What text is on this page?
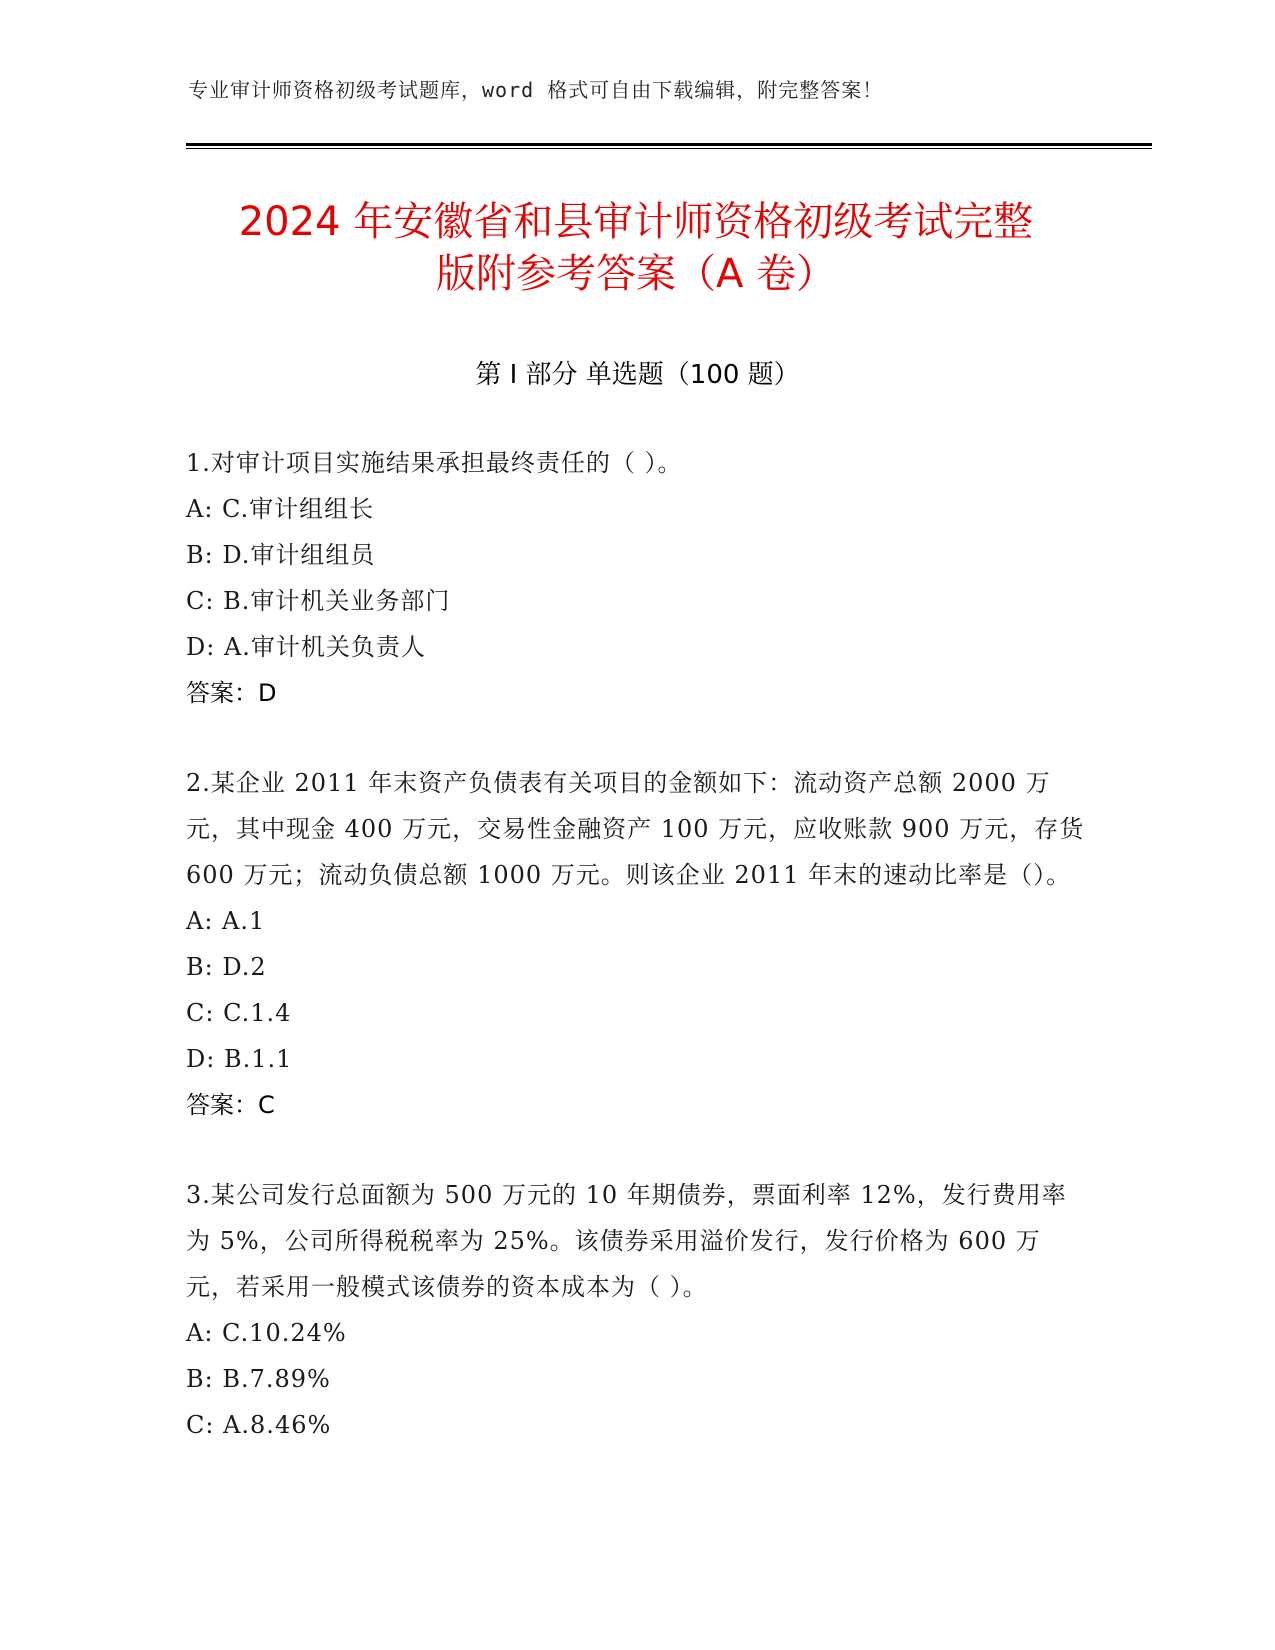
专业审计师资格初级考试题库，word 格式可自由下载编辑，附完整答案！
2024 年安徽省和县审计师资格初级考试完整
版附参考答案（A 卷）
第 I 部分 单选题（100 题）
1.对审计项目实施结果承担最终责任的（ ）。
A: C.审计组组长
B: D.审计组组员
C: B.审计机关业务部门
D: A.审计机关负责人
答案：D
2.某企业 2011 年末资产负债表有关项目的金额如下：流动资产总额 2000 万元，其中现金 400 万元，交易性金融资产 100 万元，应收账款 900 万元，存货 600 万元；流动负债总额 1000 万元。则该企业 2011 年末的速动比率是（）。
A: A.1
B: D.2
C: C.1.4
D: B.1.1
答案：C
3.某公司发行总面额为 500 万元的 10 年期债券，票面利率 12%，发行费用率为 5%，公司所得税税率为 25%。该债券采用溢价发行，发行价格为 600 万元，若采用一般模式该债券的资本成本为（ ）。
A: C.10.24%
B: B.7.89%
C: A.8.46%
